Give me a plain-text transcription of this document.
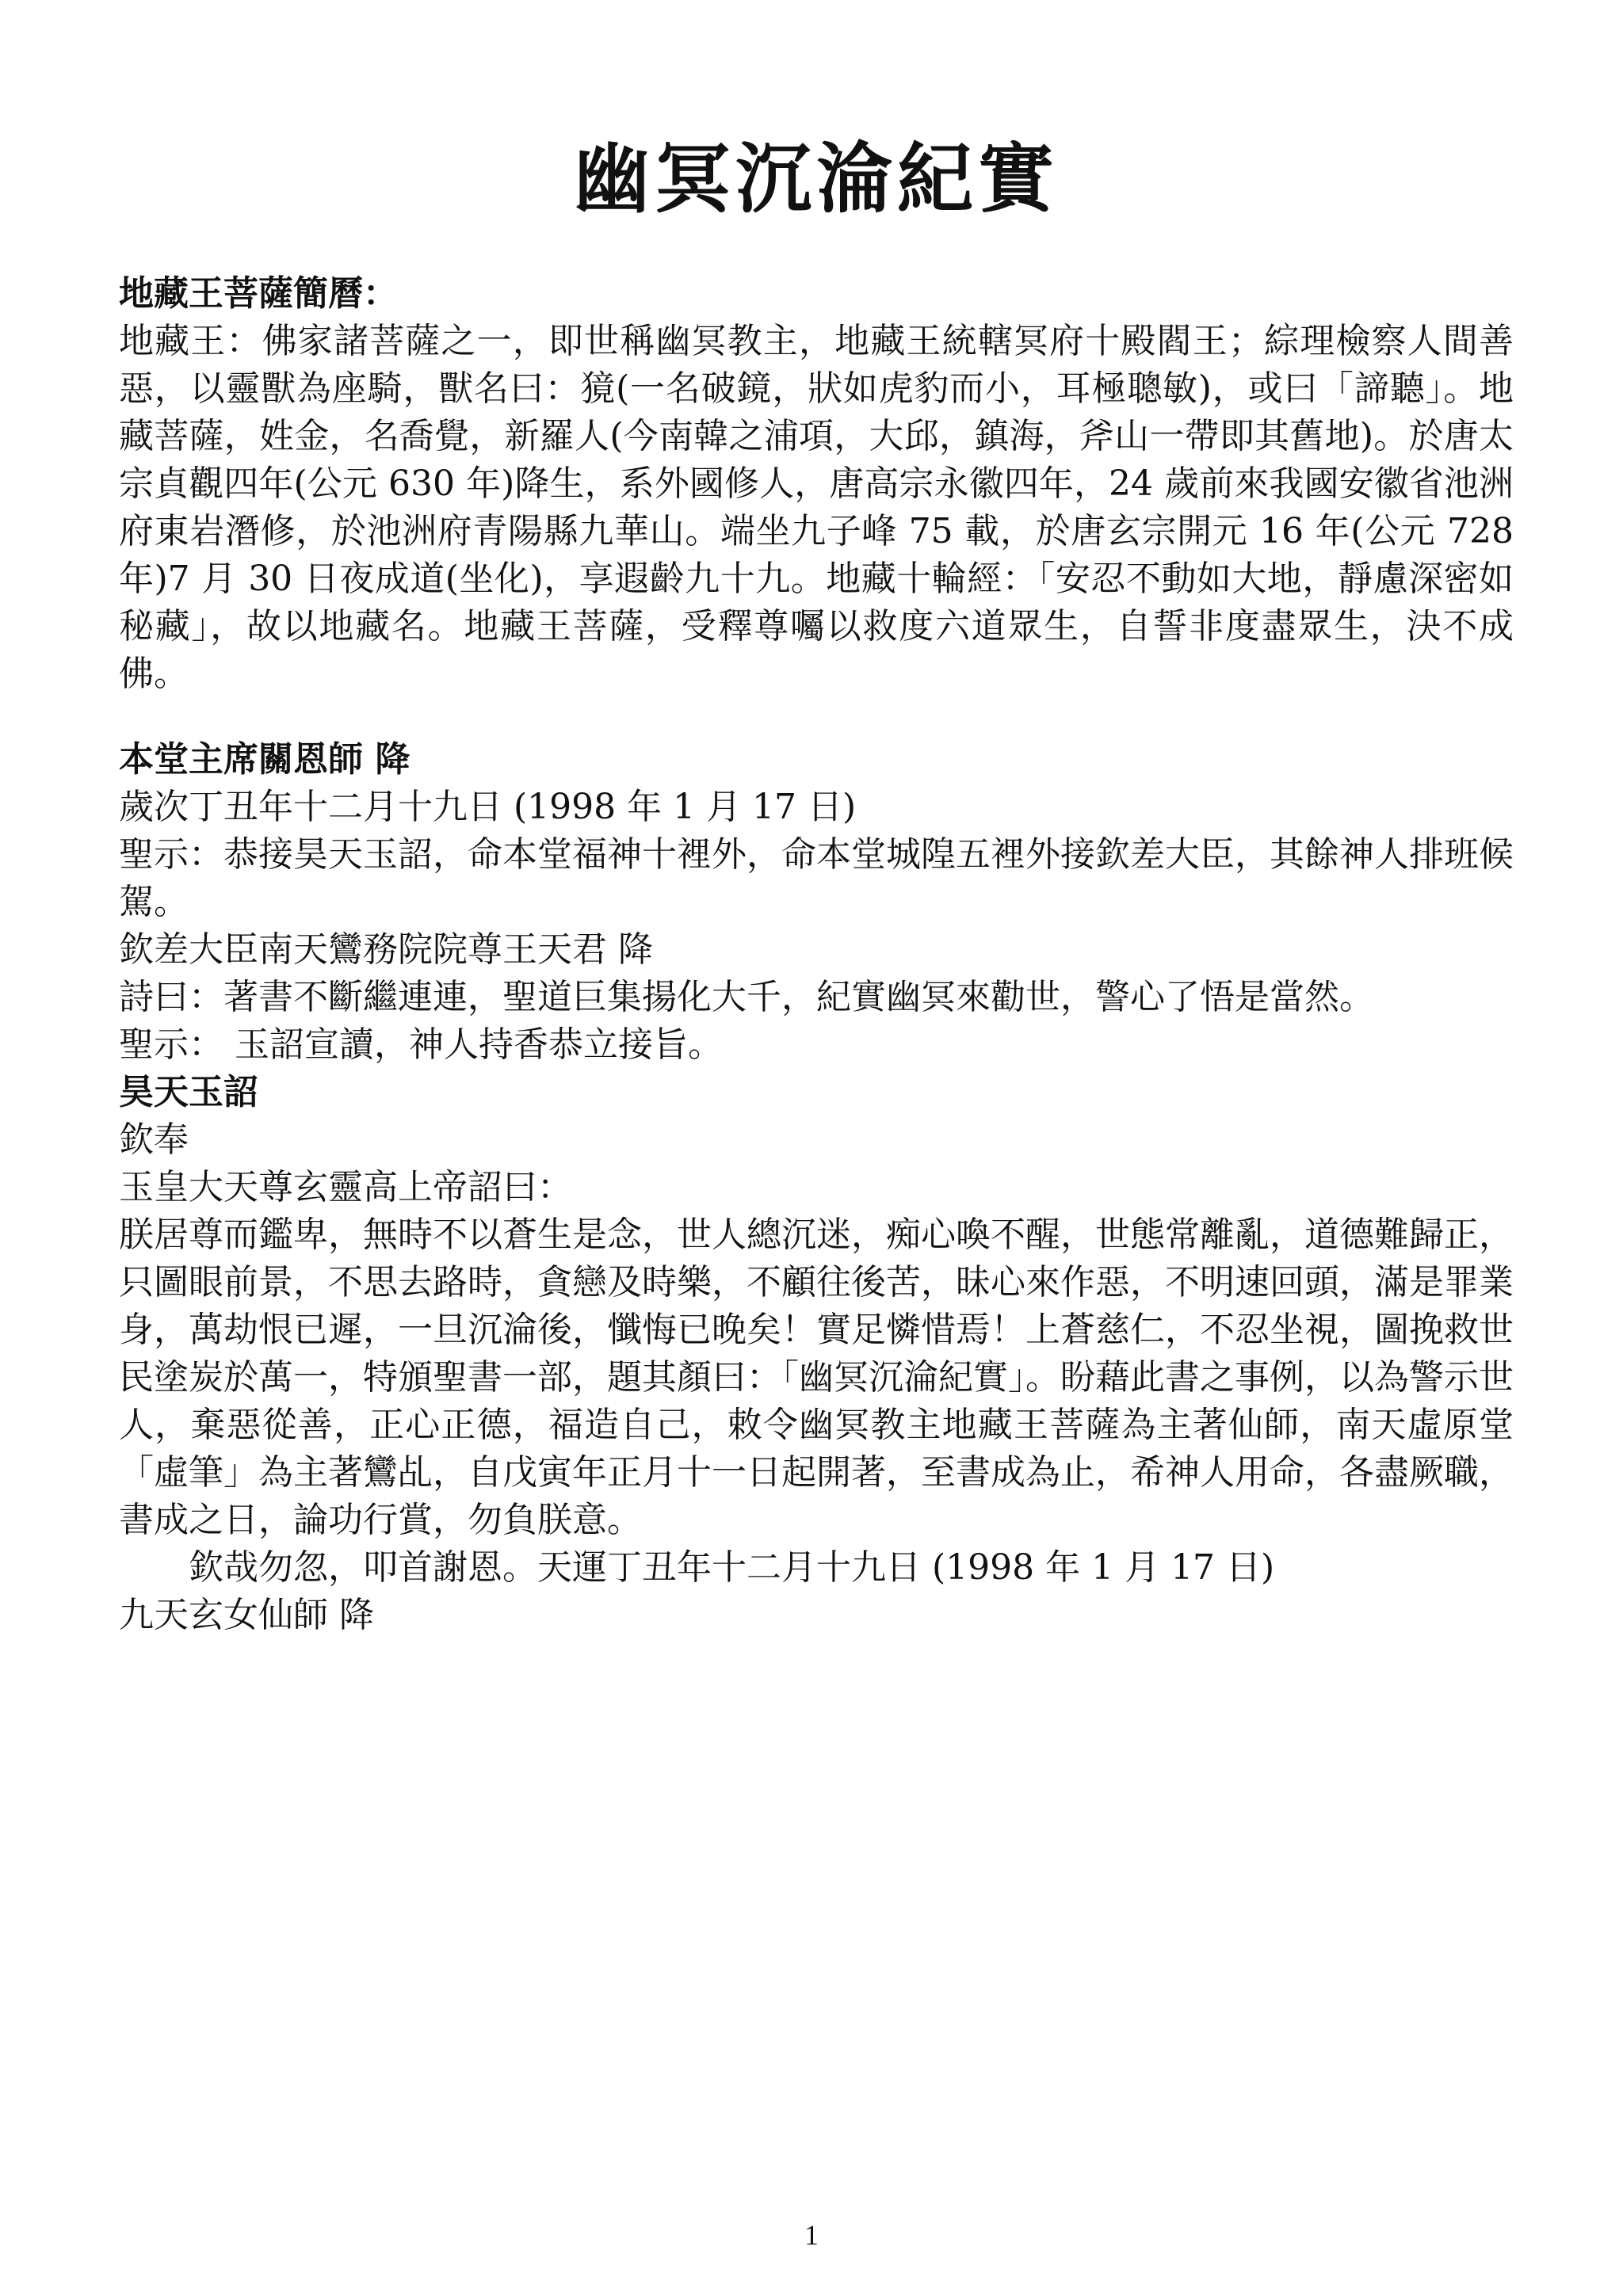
幽冥沉淪紀實

地藏王菩薩簡曆：

地藏王：佛家諸菩薩之一，即世稱幽冥教主，地藏王統轄冥府十殿閻王；綜理檢察人間善惡，以靈獸為座騎，獸名曰：獍(一名破鏡，狀如虎豹而小，耳極聰敏)，或曰「諦聽」。地藏菩薩，姓金，名喬覺，新羅人(今南韓之浦項，大邱，鎮海，斧山一帶即其舊地)。於唐太宗貞觀四年(公元 630 年)降生，系外國修人，唐高宗永徽四年，24 歲前來我國安徽省池洲府東岩潛修，於池洲府青陽縣九華山。端坐九子峰 75 載，於唐玄宗開元 16 年(公元 728 年)7 月 30 日夜成道(坐化)，享遐齡九十九。地藏十輪經：「安忍不動如大地，靜慮深密如秘藏」，故以地藏名。地藏王菩薩，受釋尊囑以救度六道眾生，自誓非度盡眾生，決不成佛。

本堂主席關恩師 降

歲次丁丑年十二月十九日 (1998 年 1 月 17 日)

聖示：恭接昊天玉詔，命本堂福神十裡外，命本堂城隍五裡外接欽差大臣，其餘神人排班候駕。

欽差大臣南天鸞務院院尊王天君 降

詩曰：著書不斷繼連連，聖道巨集揚化大千，紀實幽冥來勸世，警心了悟是當然。

聖示： 玉詔宣讀，神人持香恭立接旨。

昊天玉詔

欽奉

玉皇大天尊玄靈高上帝詔曰：

朕居尊而鑑卑，無時不以蒼生是念，世人總沉迷，痴心喚不醒，世態常離亂，道德難歸正，只圖眼前景，不思去路時，貪戀及時樂，不顧往後苦，昧心來作惡，不明速回頭，滿是罪業身，萬劫恨已遲，一旦沉淪後，懺悔已晚矣！實足憐惜焉！上蒼慈仁，不忍坐視，圖挽救世民塗炭於萬一，特頒聖書一部，題其顏曰：「幽冥沉淪紀實」。盼藉此書之事例，以為警示世人，棄惡從善，正心正德，福造自己，敕令幽冥教主地藏王菩薩為主著仙師，南天虛原堂「虛筆」為主著鸞乩，自戊寅年正月十一日起開著，至書成為止，希神人用命，各盡厥職，書成之日，論功行賞，勿負朕意。

欽哉勿忽，叩首謝恩。天運丁丑年十二月十九日 (1998 年 1 月 17 日)

九天玄女仙師 降

1
